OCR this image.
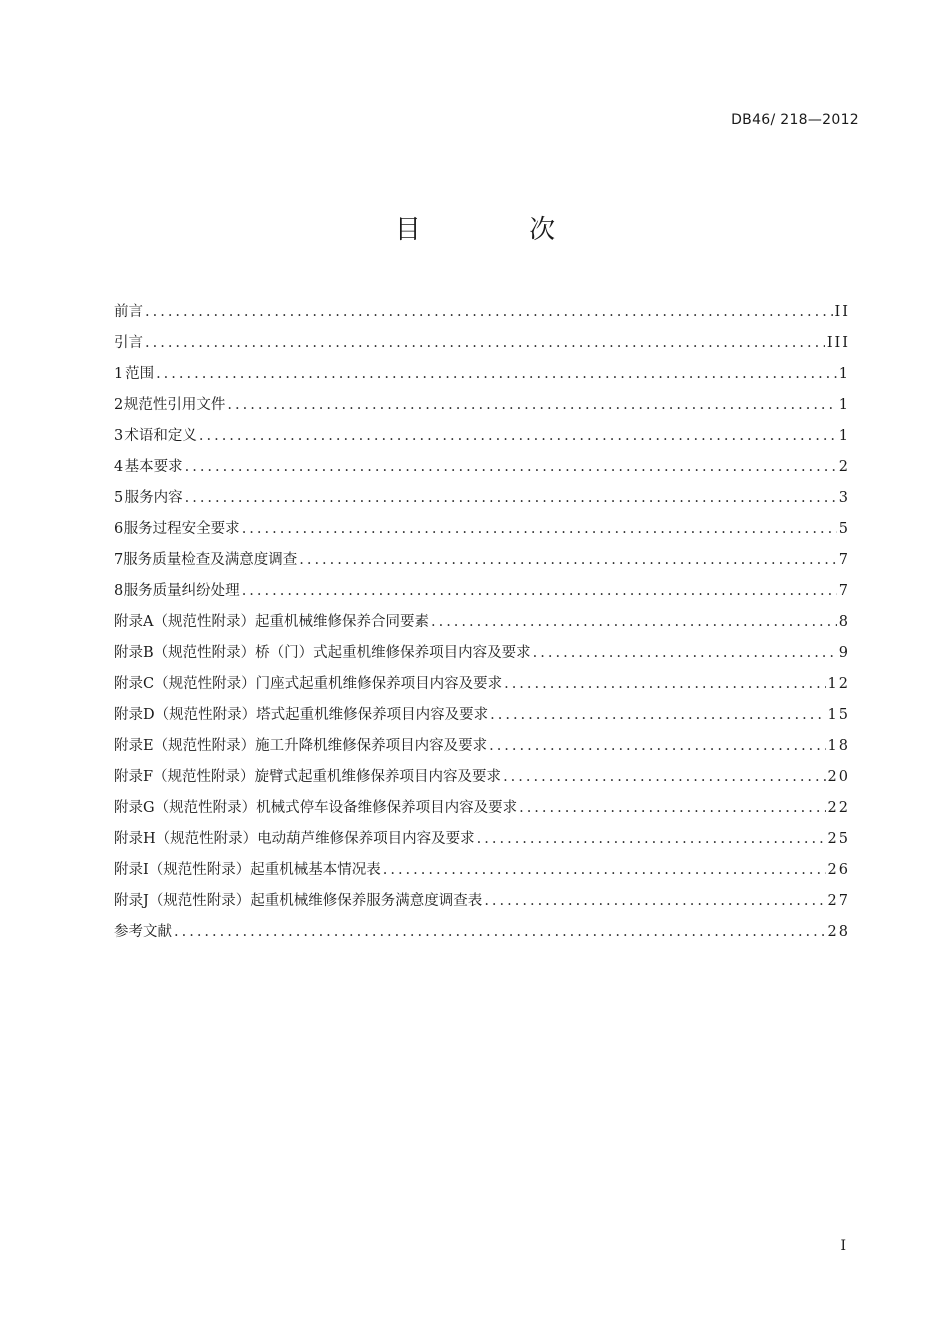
DB46/ 218—2012
目 次
前言 .....	II
引言 .....	III
1 范围 .....	1
2 规范性引用文件 .....	1
3 术语和定义 .....	1
4 基本要求 .....	2
5 服务内容 .....	3
6 服务过程安全要求 .....	5
7 服务质量检查及满意度调查 .....	7
8 服务质量纠纷处理 .....	7
附录A（规范性附录） 起重机械维修保养合同要素 .....	8
附录B（规范性附录） 桥（门）式起重机维修保养项目内容及要求 .....	9
附录C（规范性附录） 门座式起重机维修保养项目内容及要求 .....	12
附录D（规范性附录） 塔式起重机维修保养项目内容及要求 .....	15
附录E（规范性附录） 施工升降机维修保养项目内容及要求 .....	18
附录F（规范性附录） 旋臂式起重机维修保养项目内容及要求 .....	20
附录G（规范性附录） 机械式停车设备维修保养项目内容及要求 .....	22
附录H（规范性附录） 电动葫芦维修保养项目内容及要求 .....	25
附录I（规范性附录） 起重机械基本情况表 .....	26
附录J（规范性附录） 起重机械维修保养服务满意度调查表 .....	27
参考文献 .....	28
I
